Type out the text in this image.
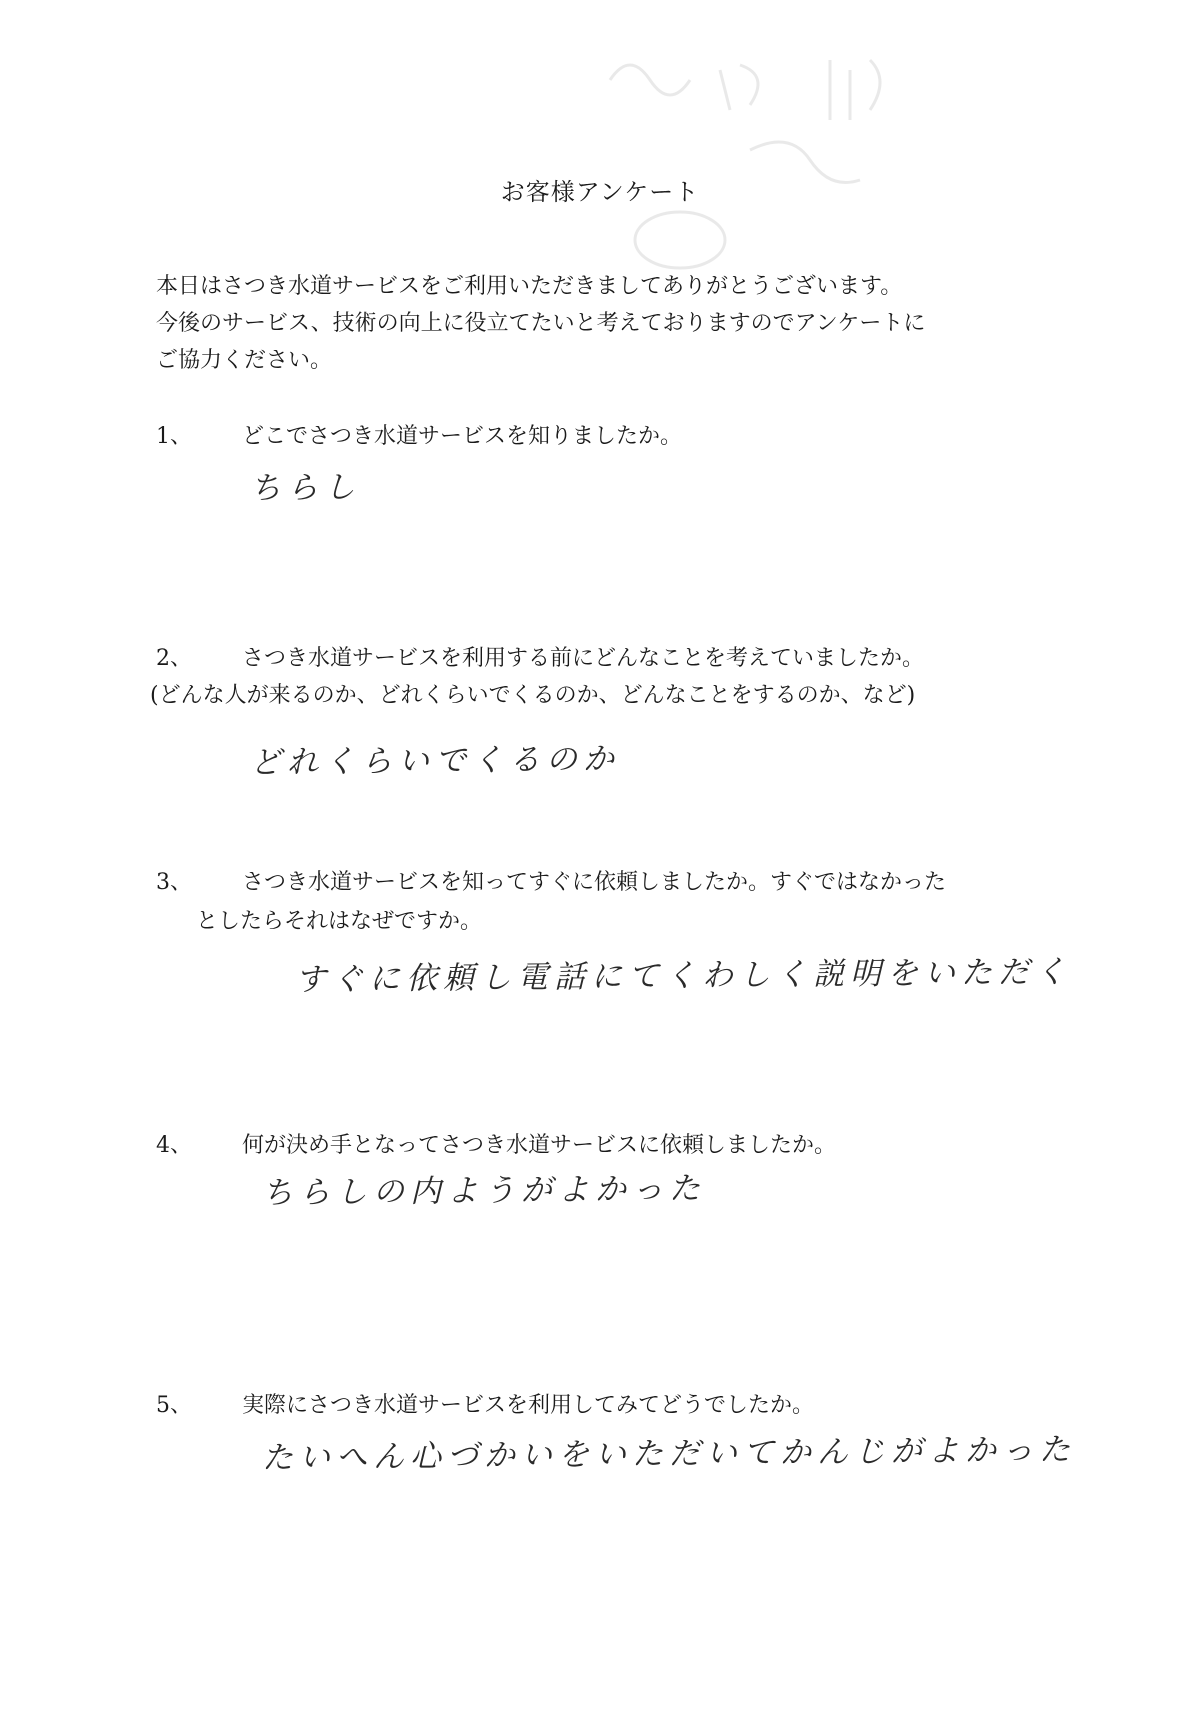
お客様アンケート
本日はさつき水道サービスをご利用いただきましてありがとうございます。
今後のサービス、技術の向上に役立てたいと考えておりますのでアンケートに
ご協力ください。
1、 どこでさつき水道サービスを知りましたか。
ちらし
2、 さつき水道サービスを利用する前にどんなことを考えていましたか。
(どんな人が来るのか、どれくらいでくるのか、どんなことをするのか、など)
どれくらいでくるのか
3、 さつき水道サービスを知ってすぐに依頼しましたか。すぐではなかった
としたらそれはなぜですか。
すぐに依頼し電話にてくわしく説明をいただく
4、 何が決め手となってさつき水道サービスに依頼しましたか。
ちらしの内ようがよかった
5、 実際にさつき水道サービスを利用してみてどうでしたか。
たいへん心づかいをいただいてかんじがよかった
